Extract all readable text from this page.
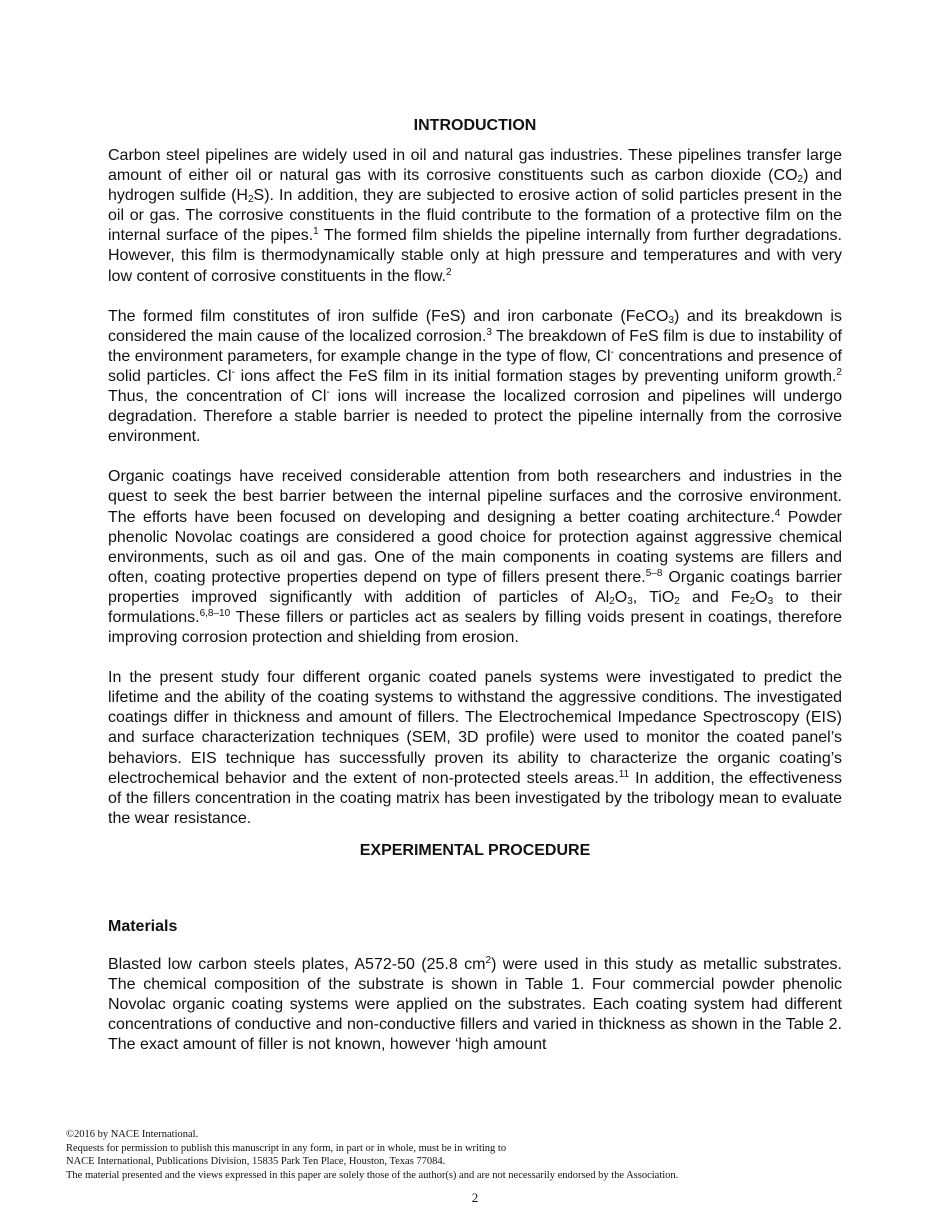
INTRODUCTION

Carbon steel pipelines are widely used in oil and natural gas industries. These pipelines transfer large amount of either oil or natural gas with its corrosive constituents such as carbon dioxide $(CO_2)$ and hydrogen sulfide $(H_2S)$. In addition, they are subjected to erosive action of solid particles present in the oil or gas. The corrosive constituents in the fluid contribute to the formation of a protective film on the internal surface of the pipes.$^1$ The formed film shields the pipeline internally from further degradations. However, this film is thermodynamically stable only at high pressure and temperatures and with very low content of corrosive constituents in the flow.$^2$

The formed film constitutes of iron sulfide (FeS) and iron carbonate (FeCO$_3$) and its breakdown is considered the main cause of the localized corrosion.$^3$ The breakdown of FeS film is due to instability of the environment parameters, for example change in the type of flow, Cl- concentrations and presence of solid particles. Cl- ions affect the FeS film in its initial formation stages by preventing uniform growth.$^2$ Thus, the concentration of Cl- ions will increase the localized corrosion and pipelines will undergo degradation. Therefore a stable barrier is needed to protect the pipeline internally from the corrosive environment.

Organic coatings have received considerable attention from both researchers and industries in the quest to seek the best barrier between the internal pipeline surfaces and the corrosive environment. The efforts have been focused on developing and designing a better coating architecture.$^4$ Powder phenolic Novolac coatings are considered a good choice for protection against aggressive chemical environments, such as oil and gas. One of the main components in coating systems are fillers and often, coating protective properties depend on type of fillers present there.$^{5-8}$ Organic coatings barrier properties improved significantly with addition of particles of $Al_2O_3$, TiO$_2$ and $Fe_2O_3$ to their formulations.$^{6,8-10}$ These fillers or particles act as sealers by filling voids present in coatings, therefore improving corrosion protection and shielding from erosion.

In the present study four different organic coated panels systems were investigated to predict the lifetime and the ability of the coating systems to withstand the aggressive conditions. The investigated coatings differ in thickness and amount of fillers. The Electrochemical Impedance Spectroscopy (EIS) and surface characterization techniques (SEM, 3D profile) were used to monitor the coated panel’s behaviors. EIS technique has successfully proven its ability to characterize the organic coating’s electrochemical behavior and the extent of non-protected steels areas.$^{11}$ In addition, the effectiveness of the fillers concentration in the coating matrix has been investigated by the tribology mean to evaluate the wear resistance.

EXPERIMENTAL PROCEDURE
Materials

Blasted low carbon steels plates, A572-50 (25.8 $cm^2$) were used in this study as metallic substrates. The chemical composition of the substrate is shown in Table 1. Four commercial powder phenolic Novolac organic coating systems were applied on the substrates. Each coating system had different concentrations of conductive and non-conductive fillers and varied in thickness as shown in the Table 2. The exact amount of filler is not known, however ‘high amount

©2016 by NACE International.
Requests for permission to publish this manuscript in any form, in part or in whole, must be in writing to
NACE International, Publications Division, 15835 Park Ten Place, Houston, Texas 77084.
The material presented and the views expressed in this paper are solely those of the author(s) and are not necessarily endorsed by the Association.
2
